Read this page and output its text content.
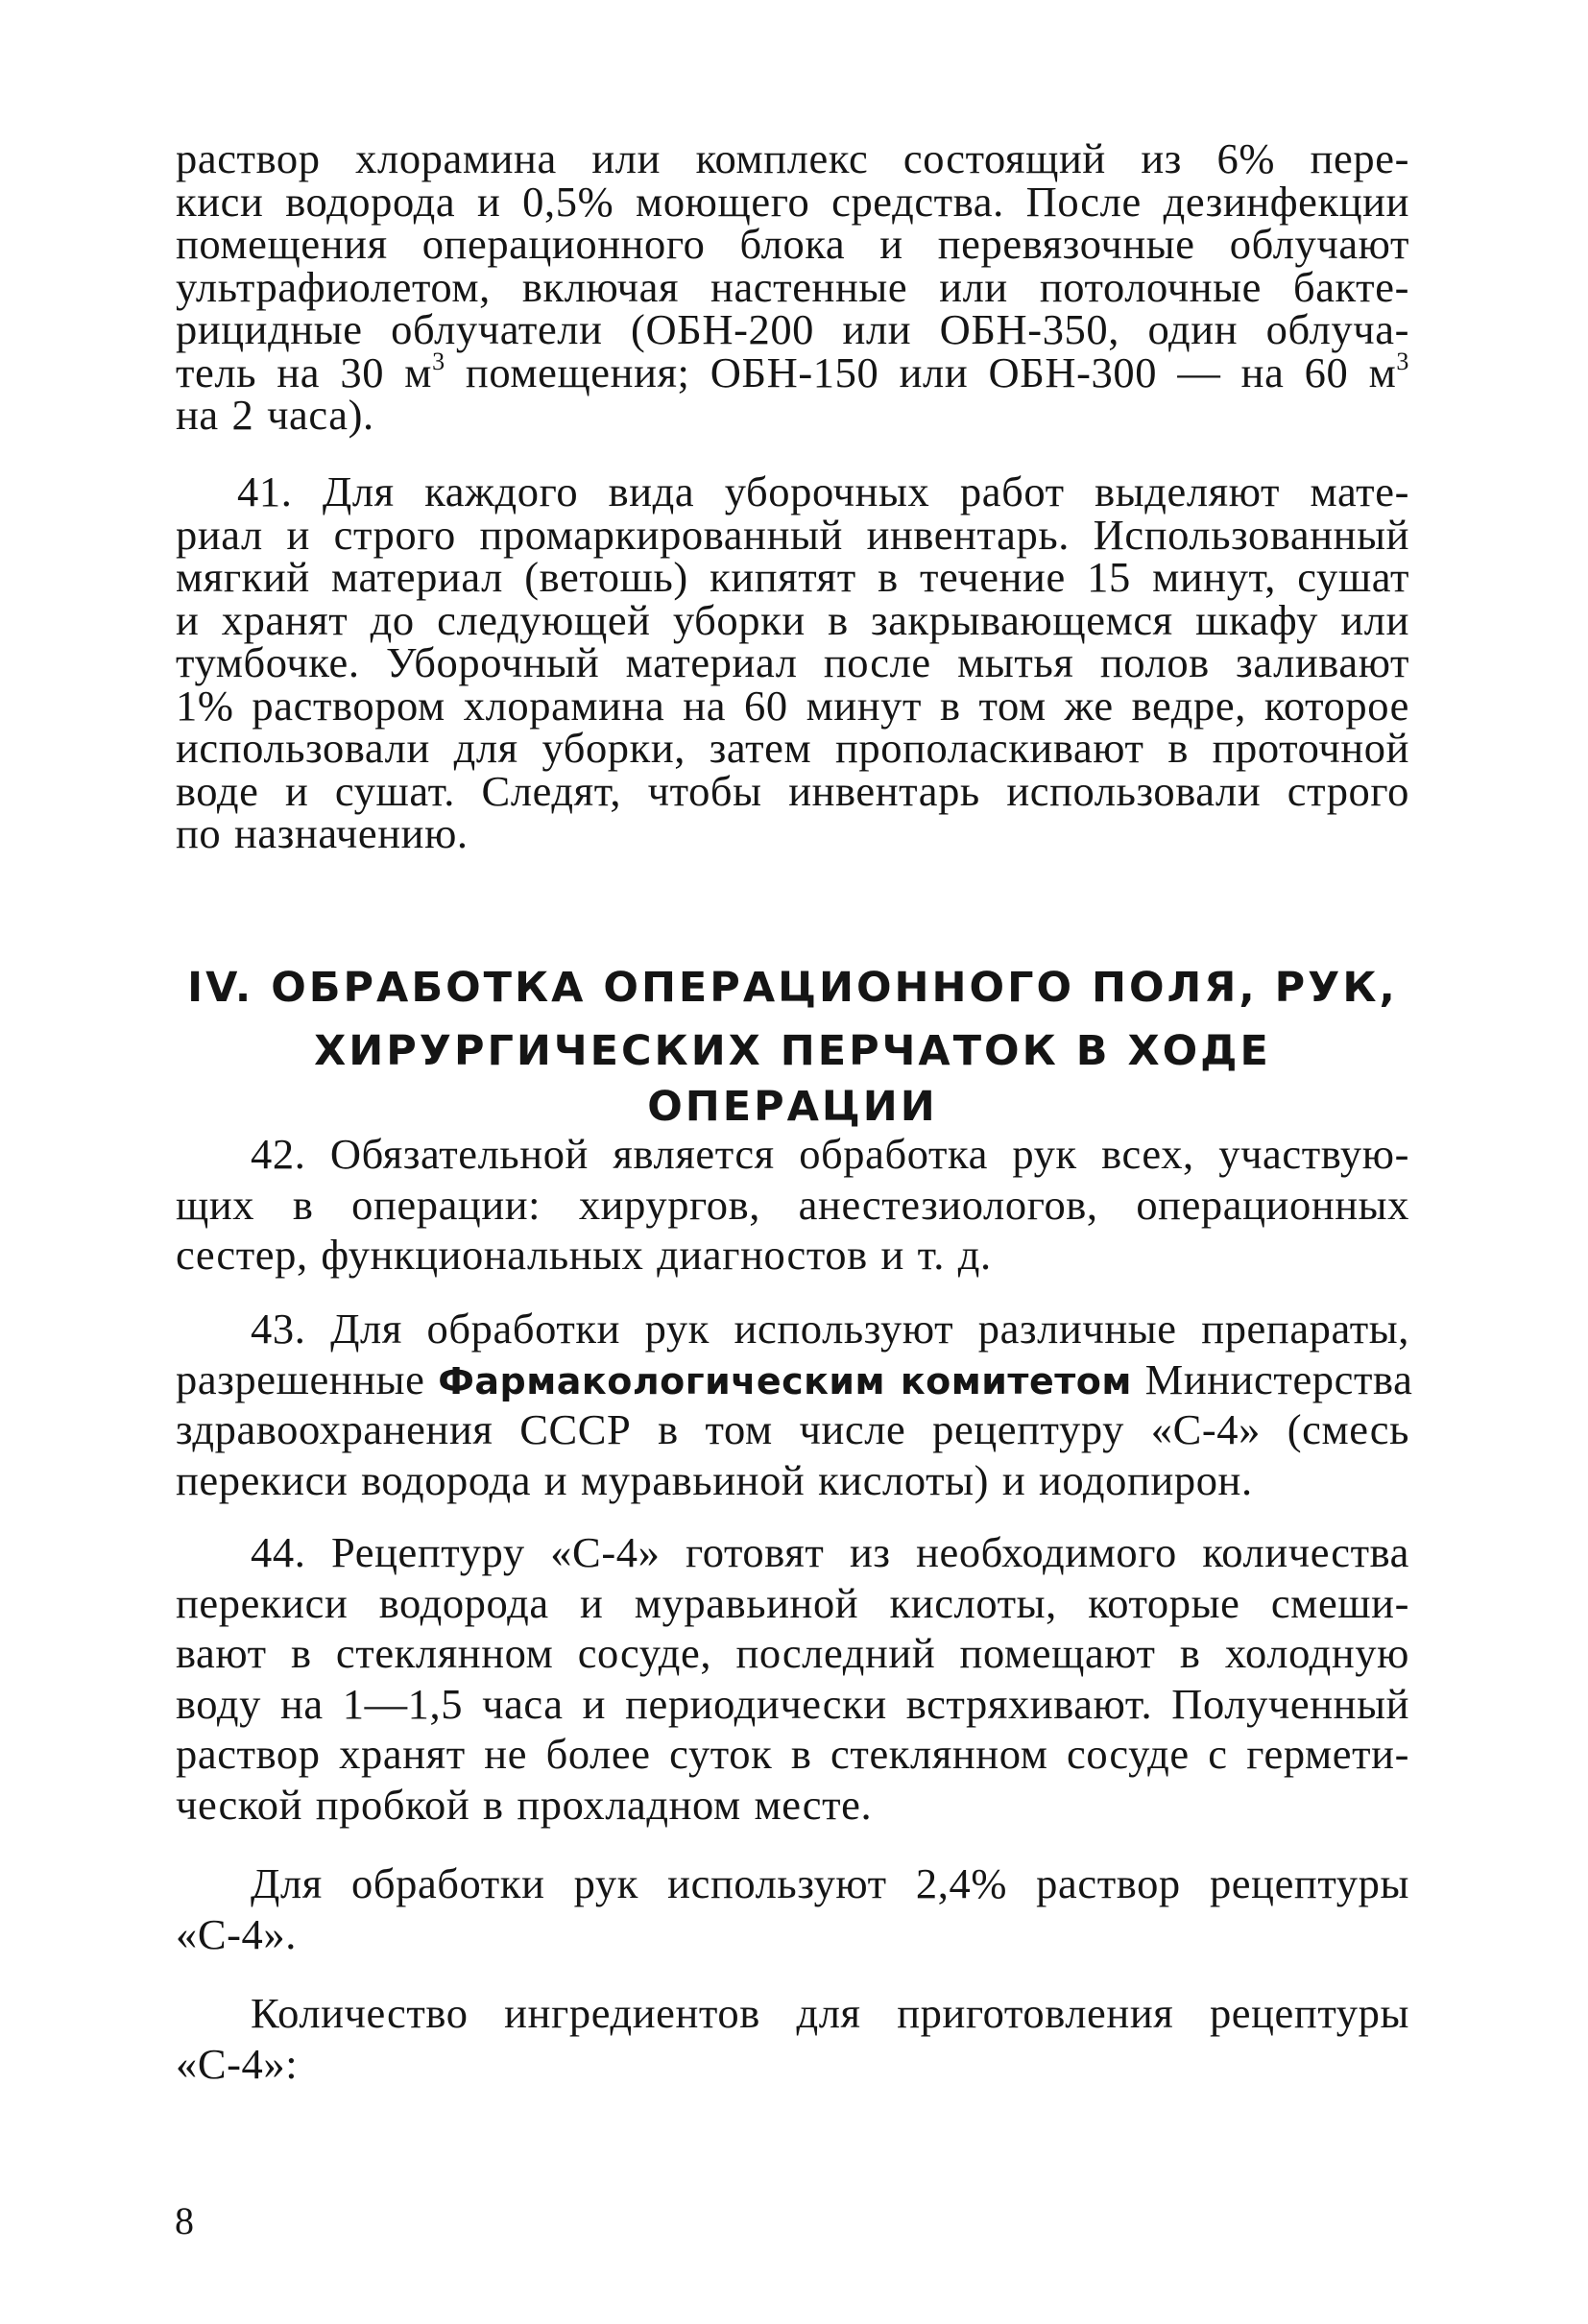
раствор хлорамина или комплекс состоящий из 6% пере-
киси водорода и 0,5% моющего средства. После дезинфекции
помещения операционного блока и перевязочные облучают
ультрафиолетом, включая настенные или потолочные бакте-
рицидные облучатели (ОБН-200 или ОБН-350, один облуча-
тель на 30 $м^3$ помещения; ОБН-150 или ОБН-300 — на 60 $м^3$
на 2 часа).
41. Для каждого вида уборочных работ выделяют мате-
риал и строго промаркированный инвентарь. Использованный
мягкий материал (ветошь) кипятят в течение 15 минут, сушат
и хранят до следующей уборки в закрывающемся шкафу или
тумбочке. Уборочный материал после мытья полов заливают
1% раствором хлорамина на 60 минут в том же ведре, которое
использовали для уборки, затем прополаскивают в проточной
воде и сушат. Следят, чтобы инвентарь использовали строго
по назначению.
IV. ОБРАБОТКА ОПЕРАЦИОННОГО ПОЛЯ, РУК,
ХИРУРГИЧЕСКИХ ПЕРЧАТОК В ХОДЕ ОПЕРАЦИИ
42. Обязательной является обработка рук всех, участвую-
щих в операции: хирургов, анестезиологов, операционных
сестер, функциональных диагностов и т. д.
43. Для обработки рук используют различные препараты,
разрешенные Фармакологическим комитетом Министерства
здравоохранения СССР в том числе рецептуру «С-4» (смесь
перекиси водорода и муравьиной кислоты) и иодопирон.
44. Рецептуру «С-4» готовят из необходимого количества
перекиси водорода и муравьиной кислоты, которые смеши-
вают в стеклянном сосуде, последний помещают в холодную
воду на 1—1,5 часа и периодически встряхивают. Полученный
раствор хранят не более суток в стеклянном сосуде с гермети-
ческой пробкой в прохладном месте.
Для обработки рук используют 2,4% раствор рецептуры
«С-4».
Количество ингредиентов для приготовления рецептуры
«С-4»:
8
